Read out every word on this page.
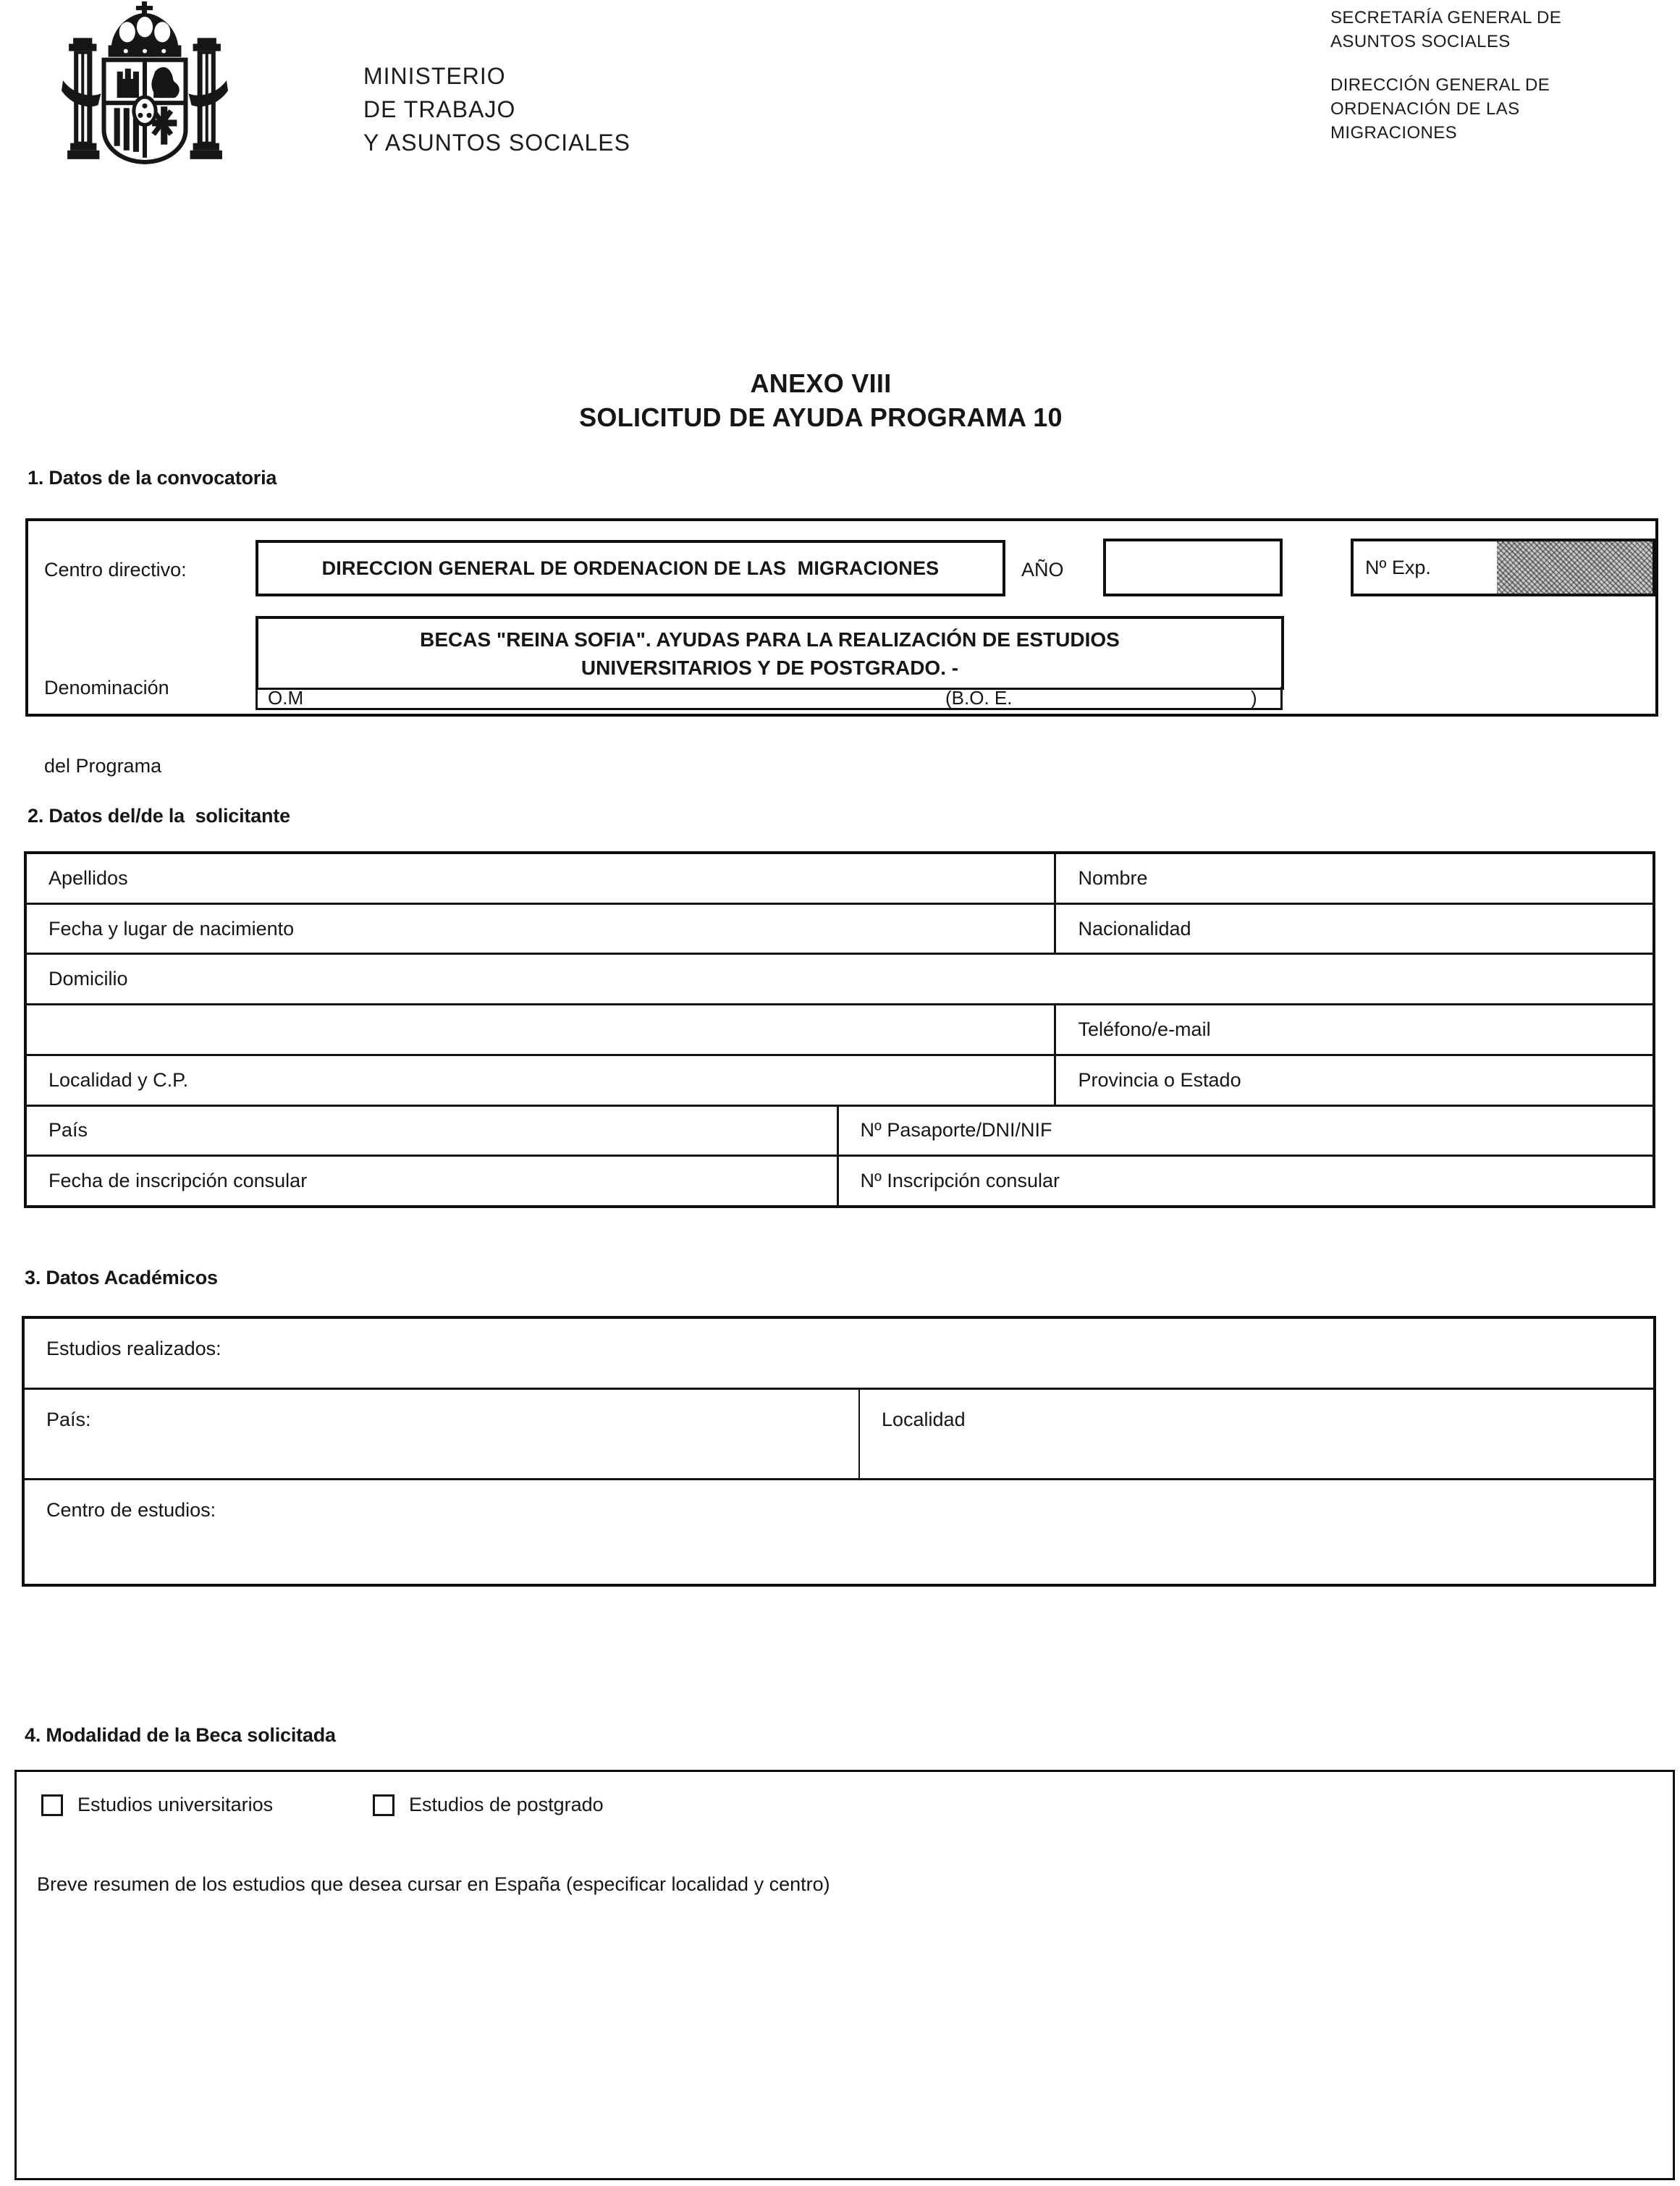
MINISTERIO
DE TRABAJO
Y ASUNTOS SOCIALES
SECRETARÍA GENERAL DE
ASUNTOS SOCIALES
DIRECCIÓN GENERAL DE
ORDENACIÓN DE LAS
MIGRACIONES
ANEXO VIII
SOLICITUD DE AYUDA PROGRAMA 10
1. Datos de la convocatoria
Centro directivo:	DIRECCION GENERAL DE ORDENACION DE LAS  MIGRACIONES	AÑO	Nº Exp.

Denominación

del Programa

BECAS "REINA SOFIA". AYUDAS PARA LA REALIZACIÓN DE ESTUDIOS
UNIVERSITARIOS Y DE POSTGRADO. -
O.M	(B.O. E.	)
2. Datos del/de la  solicitante
Apellidos	Nombre
Fecha y lugar de nacimiento	Nacionalidad
Domicilio
Teléfono/e-mail
Localidad y C.P.	Provincia o Estado
País	Nº Pasaporte/DNI/NIF
Fecha de inscripción consular	Nº Inscripción consular
3. Datos Académicos
Estudios realizados:
País:	Localidad
Centro de estudios:
4. Modalidad de la Beca solicitada
Estudios universitarios	Estudios de postgrado
Breve resumen de los estudios que desea cursar en España (especificar localidad y centro)
